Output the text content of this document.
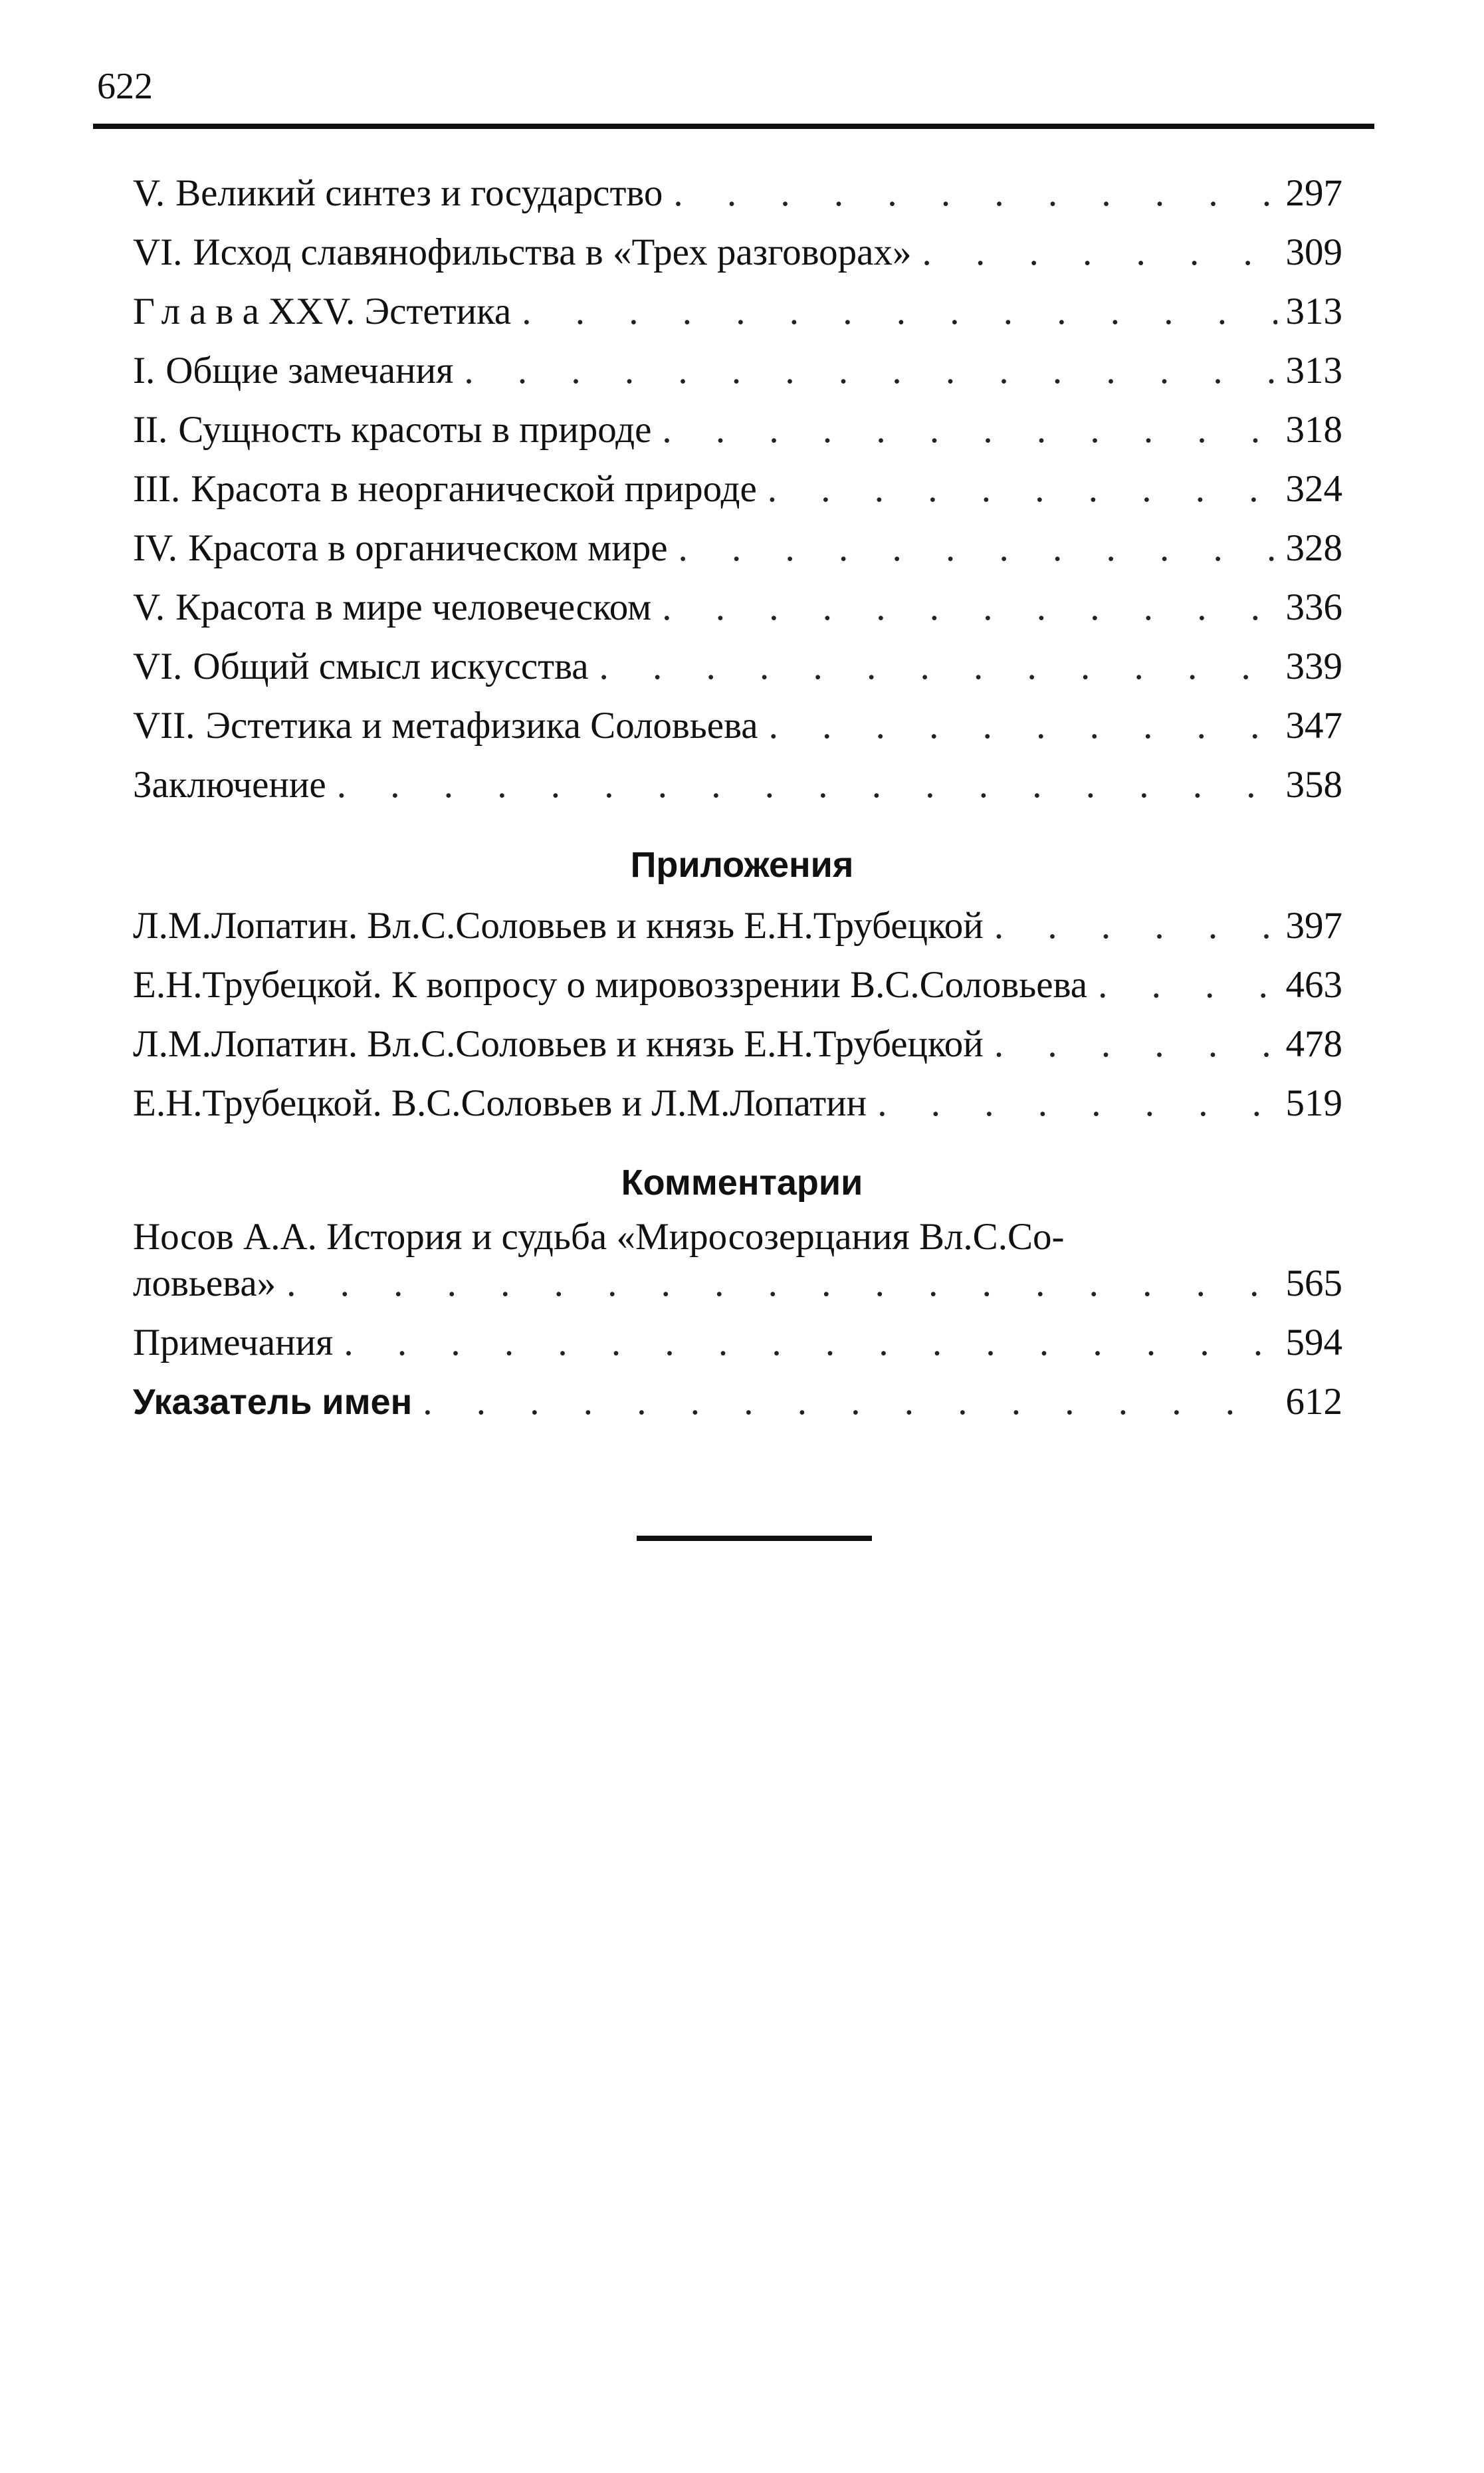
622
V. Великий синтез и государство . . .	297
VI. Исход славянофильства в «Трех разговорах» . . .	309
Глава XXV. Эстетика . . .	313
I. Общие замечания . . .	313
II. Сущность красоты в природе . . .	318
III. Красота в неорганической природе . . .	324
IV. Красота в органическом мире . . .	328
V. Красота в мире человеческом . . .	336
VI. Общий смысл искусства . . .	339
VII. Эстетика и метафизика Соловьева . . .	347
Заключение . . .	358
Приложения
Л.М.Лопатин. Вл.С.Соловьев и князь Е.Н.Трубецкой . . .	397
Е.Н.Трубецкой. К вопросу о мировоззрении В.С.Соловьева . . .	463
Л.М.Лопатин. Вл.С.Соловьев и князь Е.Н.Трубецкой . . .	478
Е.Н.Трубецкой. В.С.Соловьев и Л.М.Лопатин . . .	519
Комментарии
Носов А.А. История и судьба «Миросозерцания Вл.С.Со-
ловьева» . . .	565
Примечания . . .	594
Указатель имен . . .	612
